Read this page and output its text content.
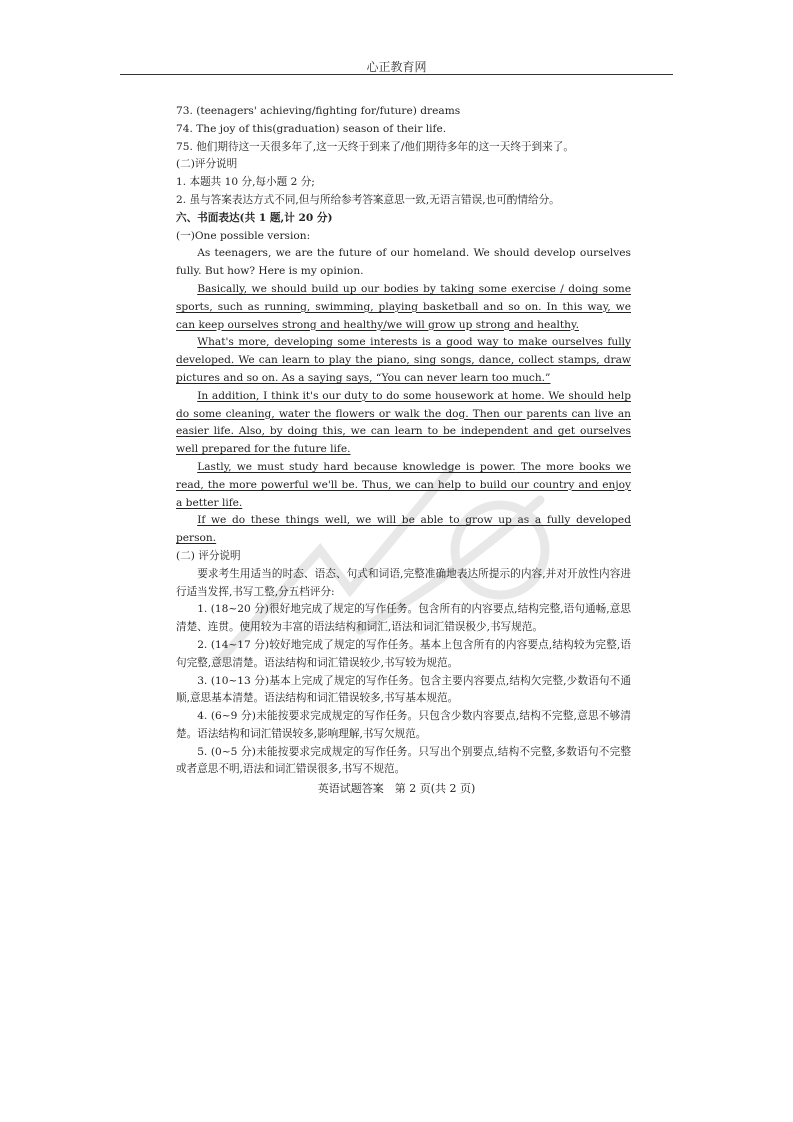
心正教育网
73. (teenagers' achieving/fighting for/future) dreams
74. The joy of this(graduation) season of their life.
75. 他们期待这一天很多年了,这一天终于到来了/他们期待多年的这一天终于到来了。
(二)评分说明
1. 本题共 10 分,每小题 2 分;
2. 虽与答案表达方式不同,但与所给参考答案意思一致,无语言错误,也可酌情给分。
六、书面表达(共 1 题,计 20 分)
(一)One possible version:

As teenagers, we are the future of our homeland. We should develop ourselves fully. But how? Here is my opinion.

Basically, we should build up our bodies by taking some exercise / doing some sports, such as running, swimming, playing basketball and so on. In this way, we can keep ourselves strong and healthy/we will grow up strong and healthy.

What's more, developing some interests is a good way to make ourselves fully developed. We can learn to play the piano, sing songs, dance, collect stamps, draw pictures and so on. As a saying says, “You can never learn too much.”

In addition, I think it's our duty to do some housework at home. We should help do some cleaning, water the flowers or walk the dog. Then our parents can live an easier life. Also, by doing this, we can learn to be independent and get ourselves well prepared for the future life.

Lastly, we must study hard because knowledge is power. The more books we read, the more powerful we'll be. Thus, we can help to build our country and enjoy a better life.

If we do these things well, we will be able to grow up as a fully developed person.

(二) 评分说明

要求考生用适当的时态、语态、句式和词语,完整准确地表达所提示的内容,并对开放性内容进行适当发挥,书写工整,分五档评分:

1. (18~20 分)很好地完成了规定的写作任务。包含所有的内容要点,结构完整,语句通畅,意思清楚、连贯。使用较为丰富的语法结构和词汇,语法和词汇错误极少,书写规范。

2. (14~17 分)较好地完成了规定的写作任务。基本上包含所有的内容要点,结构较为完整,语句完整,意思清楚。语法结构和词汇错误较少,书写较为规范。

3. (10~13 分)基本上完成了规定的写作任务。包含主要内容要点,结构欠完整,少数语句不通顺,意思基本清楚。语法结构和词汇错误较多,书写基本规范。

4. (6~9 分)未能按要求完成规定的写作任务。只包含少数内容要点,结构不完整,意思不够清楚。语法结构和词汇错误较多,影响理解,书写欠规范。

5. (0~5 分)未能按要求完成规定的写作任务。只写出个别要点,结构不完整,多数语句不完整或者意思不明,语法和词汇错误很多,书写不规范。

英语试题答案　第 2 页(共 2 页)
